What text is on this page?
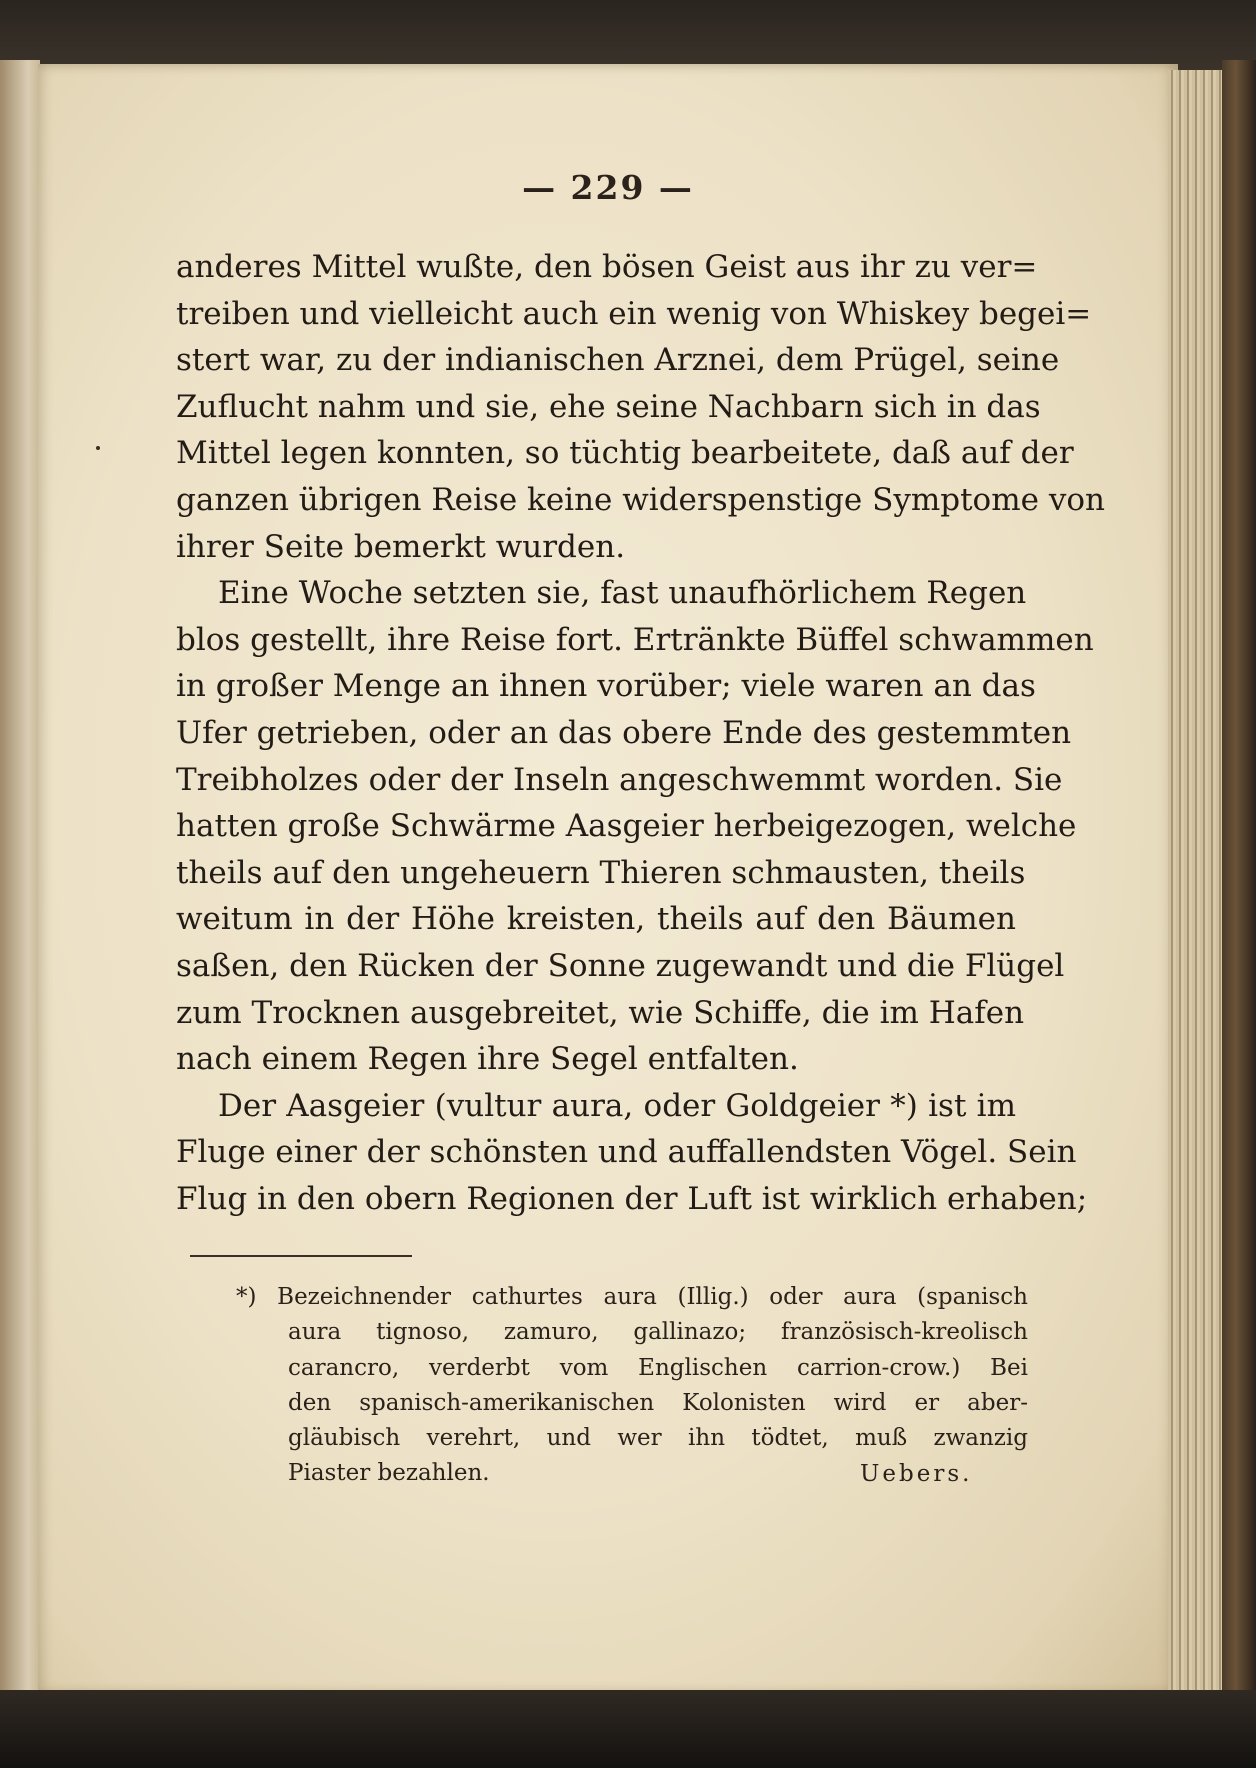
— 229 —
anderes Mittel wußte, den bösen Geist aus ihr zu ver=
treiben und vielleicht auch ein wenig von Whiskey begei=
stert war, zu der indianischen Arznei, dem Prügel, seine
Zuflucht nahm und sie, ehe seine Nachbarn sich in das
Mittel legen konnten, so tüchtig bearbeitete, daß auf der
ganzen übrigen Reise keine widerspenstige Symptome von
ihrer Seite bemerkt wurden.
Eine Woche setzten sie, fast unaufhörlichem Regen
blos gestellt, ihre Reise fort. Ertränkte Büffel schwammen
in großer Menge an ihnen vorüber; viele waren an das
Ufer getrieben, oder an das obere Ende des gestemmten
Treibholzes oder der Inseln angeschwemmt worden. Sie
hatten große Schwärme Aasgeier herbeigezogen, welche
theils auf den ungeheuern Thieren schmausten, theils
weitum in der Höhe kreisten, theils auf den Bäumen
saßen, den Rücken der Sonne zugewandt und die Flügel
zum Trocknen ausgebreitet, wie Schiffe, die im Hafen
nach einem Regen ihre Segel entfalten.
Der Aasgeier (vultur aura, oder Goldgeier *) ist im
Fluge einer der schönsten und auffallendsten Vögel. Sein
Flug in den obern Regionen der Luft ist wirklich erhaben;
*) Bezeichnender cathurtes aura (Illig.) oder aura (spanisch
aura tignoso, zamuro, gallinazo; französisch-kreolisch
carancro, verderbt vom Englischen carrion-crow.) Bei
den spanisch-amerikanischen Kolonisten wird er aber-
gläubisch verehrt, und wer ihn tödtet, muß zwanzig
Piaster bezahlen.	Uebers.
